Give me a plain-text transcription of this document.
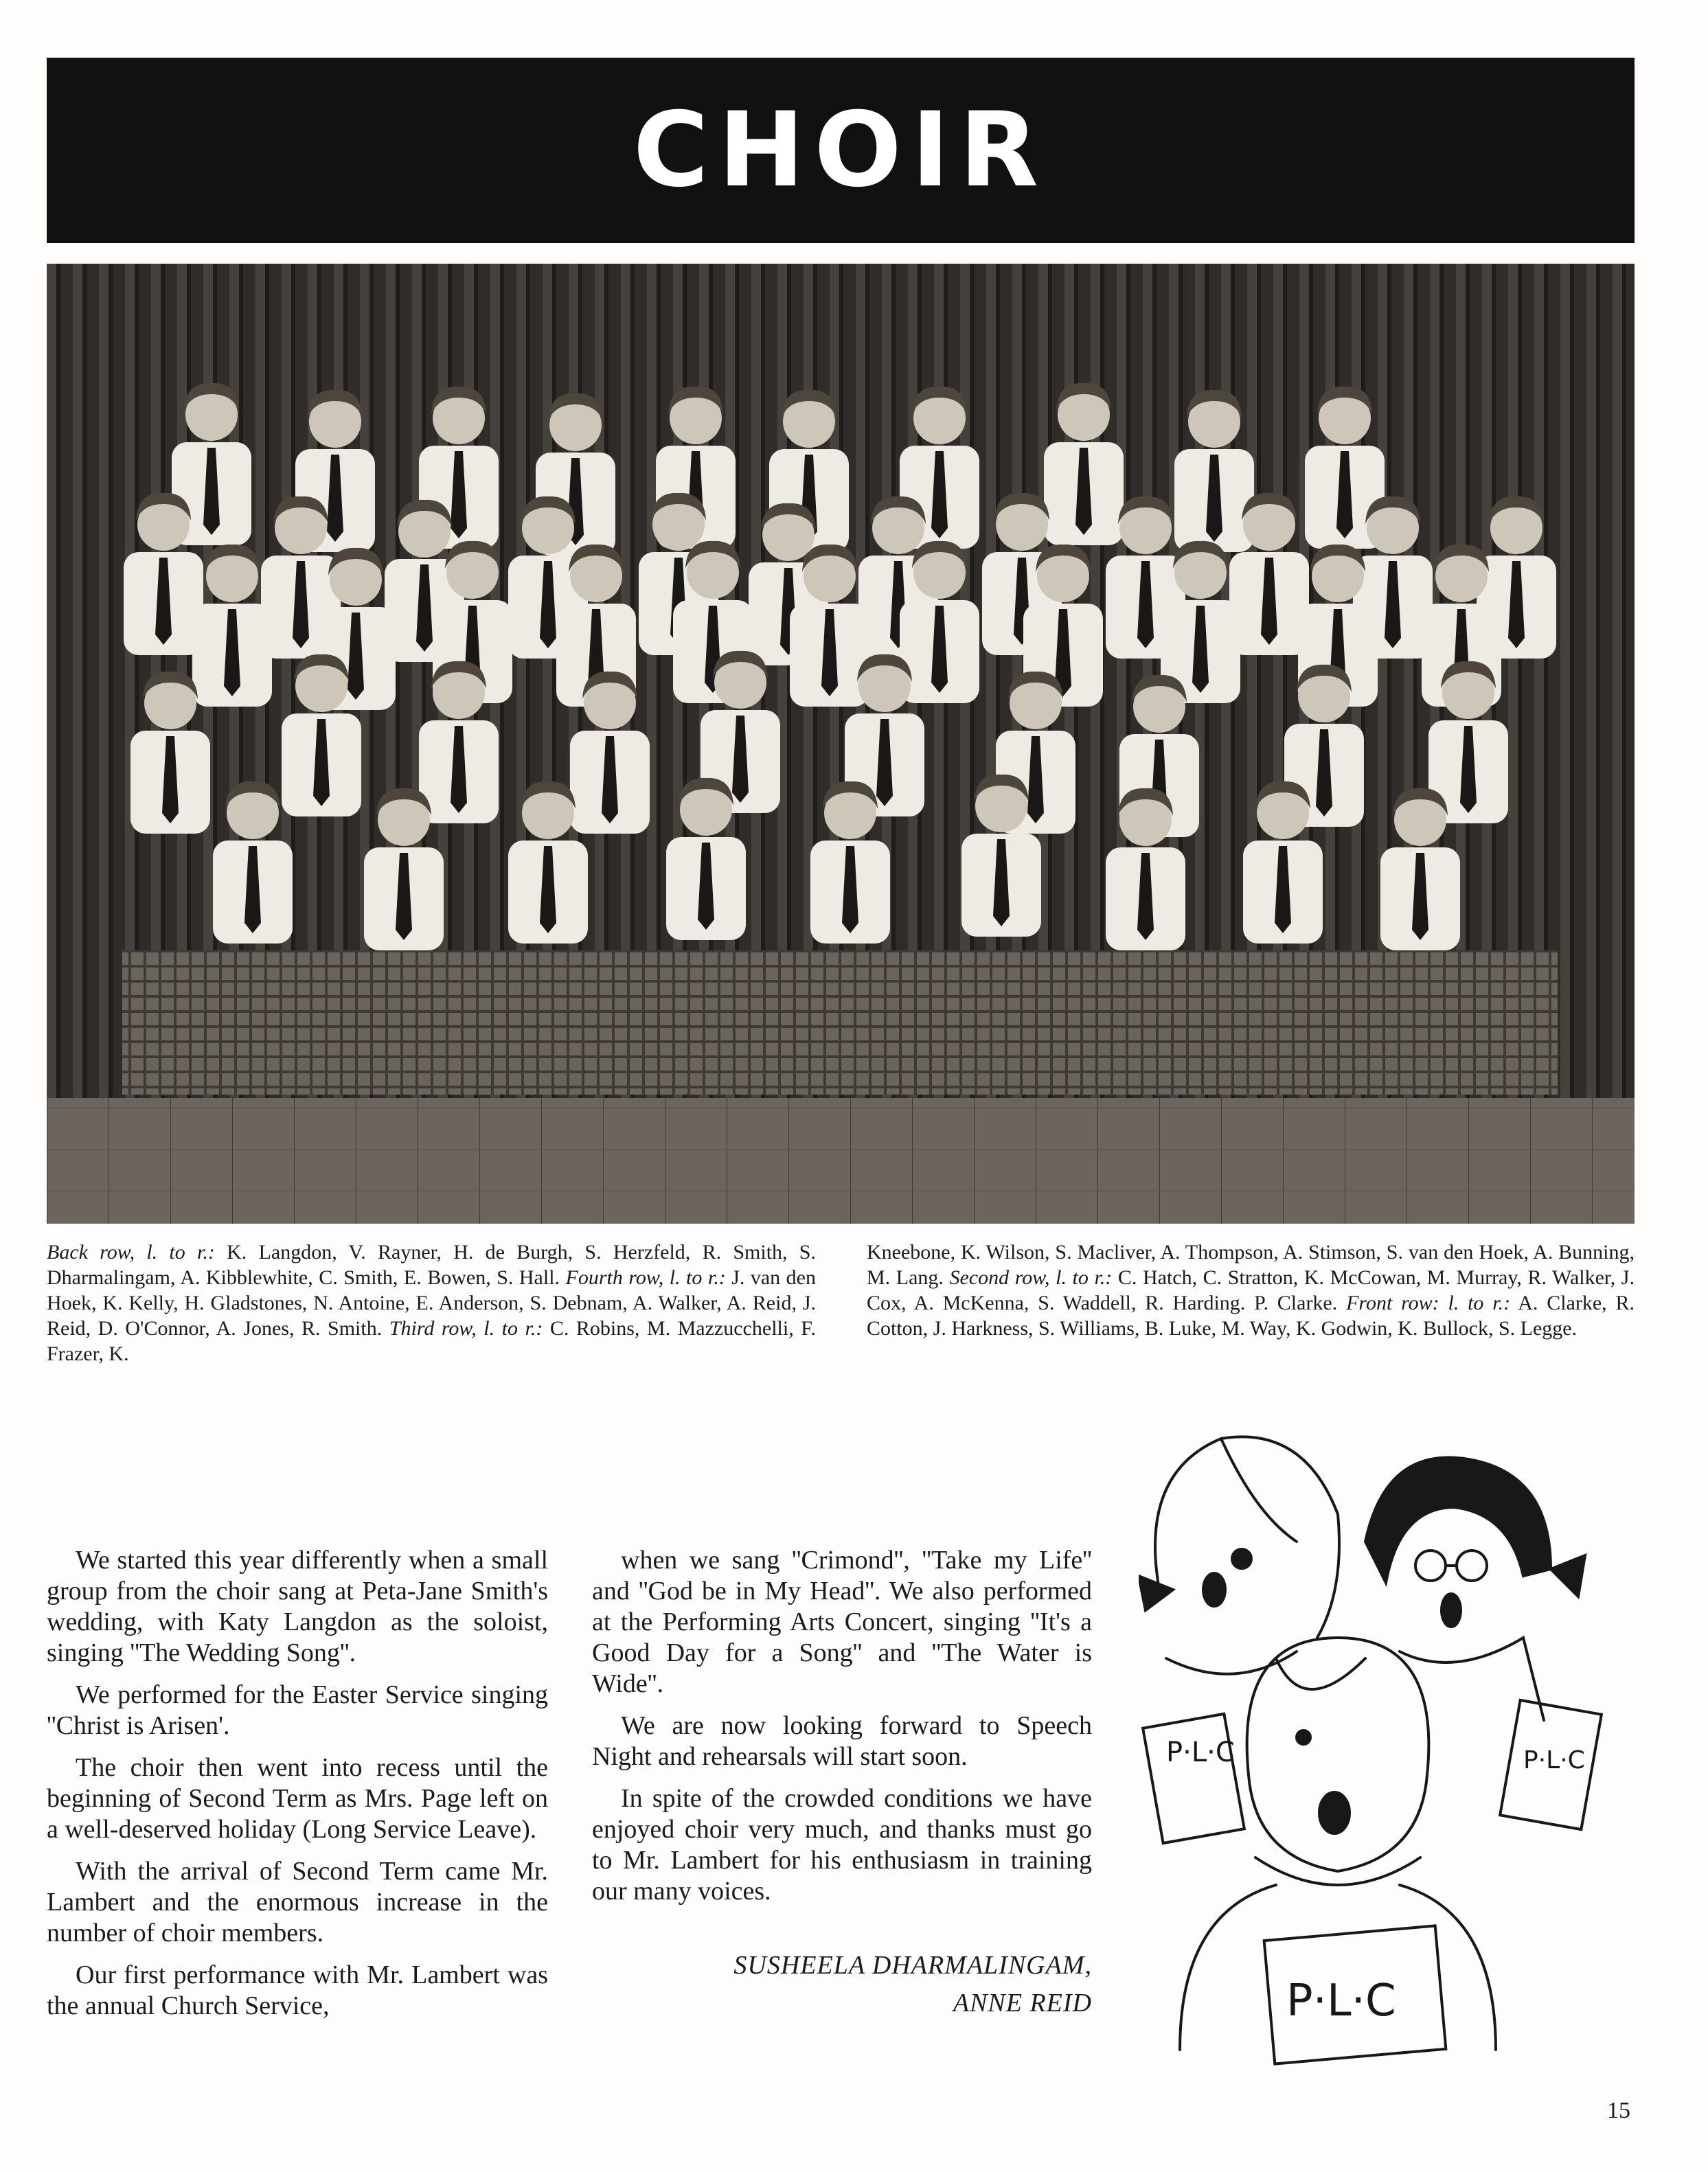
CHOIR
Back row, l. to r.: K. Langdon, V. Rayner, H. de Burgh, S. Herzfeld, R. Smith, S. Dharmalingam, A. Kibblewhite, C. Smith, E. Bowen, S. Hall. Fourth row, l. to r.: J. van den Hoek, K. Kelly, H. Gladstones, N. Antoine, E. Anderson, S. Debnam, A. Walker, A. Reid, J. Reid, D. O'Connor, A. Jones, R. Smith. Third row, l. to r.: C. Robins, M. Mazzucchelli, F. Frazer, K.
Kneebone, K. Wilson, S. Macliver, A. Thompson, A. Stimson, S. van den Hoek, A. Bunning, M. Lang. Second row, l. to r.: C. Hatch, C. Stratton, K. McCowan, M. Murray, R. Walker, J. Cox, A. McKenna, S. Waddell, R. Harding. P. Clarke. Front row: l. to r.: A. Clarke, R. Cotton, J. Harkness, S. Williams, B. Luke, M. Way, K. Godwin, K. Bullock, S. Legge.

We started this year differently when a small group from the choir sang at Peta-Jane Smith's wedding, with Katy Langdon as the soloist, singing ''The Wedding Song''.

We performed for the Easter Service singing ''Christ is Arisen'.

The choir then went into recess until the beginning of Second Term as Mrs. Page left on a well-deserved holiday (Long Service Leave).

With the arrival of Second Term came Mr. Lambert and the enormous increase in the number of choir members.

Our first performance with Mr. Lambert was the annual Church Service,

when we sang ''Crimond'', ''Take my Life'' and ''God be in My Head''. We also performed at the Performing Arts Concert, singing ''It's a Good Day for a Song'' and ''The Water is Wide''.

We are now looking forward to Speech Night and rehearsals will start soon.

In spite of the crowded conditions we have enjoyed choir very much, and thanks must go to Mr. Lambert for his enthusiasm in training our many voices.

SUSHEELA DHARMALINGAM,
ANNE REID
P·L·C	P·L·C
P·L·C
15
